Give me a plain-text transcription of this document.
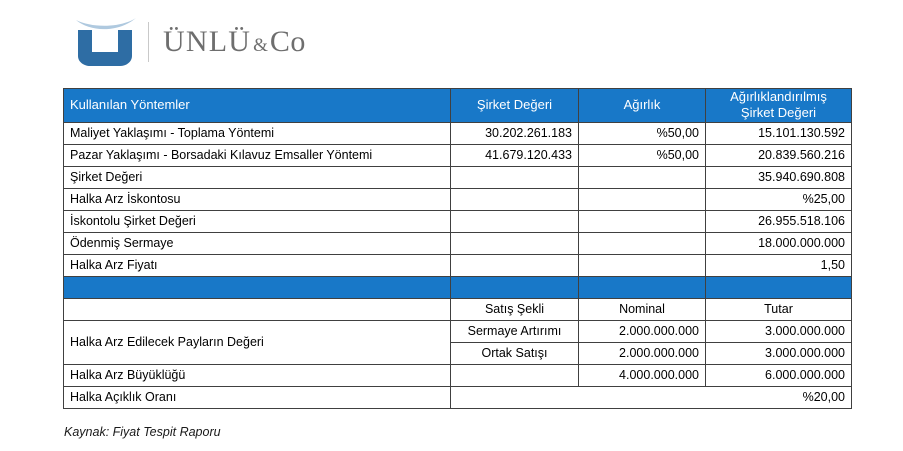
ÜNLÜ &Co
Kullanılan Yöntemler	Şirket Değeri	Ağırlık	Ağırlıklandırılmış
Şirket Değeri
Maliyet Yaklaşımı - Toplama Yöntemi	30.202.261.183	%50,00	15.101.130.592
Pazar Yaklaşımı - Borsadaki Kılavuz Emsaller Yöntemi	41.679.120.433	%50,00	20.839.560.216
Şirket Değeri			35.940.690.808
Halka Arz İskontosu			%25,00
İskontolu Şirket Değeri			26.955.518.106
Ödenmiş Sermaye			18.000.000.000
Halka Arz Fiyatı			1,50

	Satış Şekli	Nominal	Tutar
Halka Arz Edilecek Payların Değeri	Sermaye Artırımı	2.000.000.000	3.000.000.000
	Ortak Satışı	2.000.000.000	3.000.000.000
Halka Arz Büyüklüğü		4.000.000.000	6.000.000.000
Halka Açıklık Oranı	%20,00		
Kaynak: Fiyat Tespit Raporu
